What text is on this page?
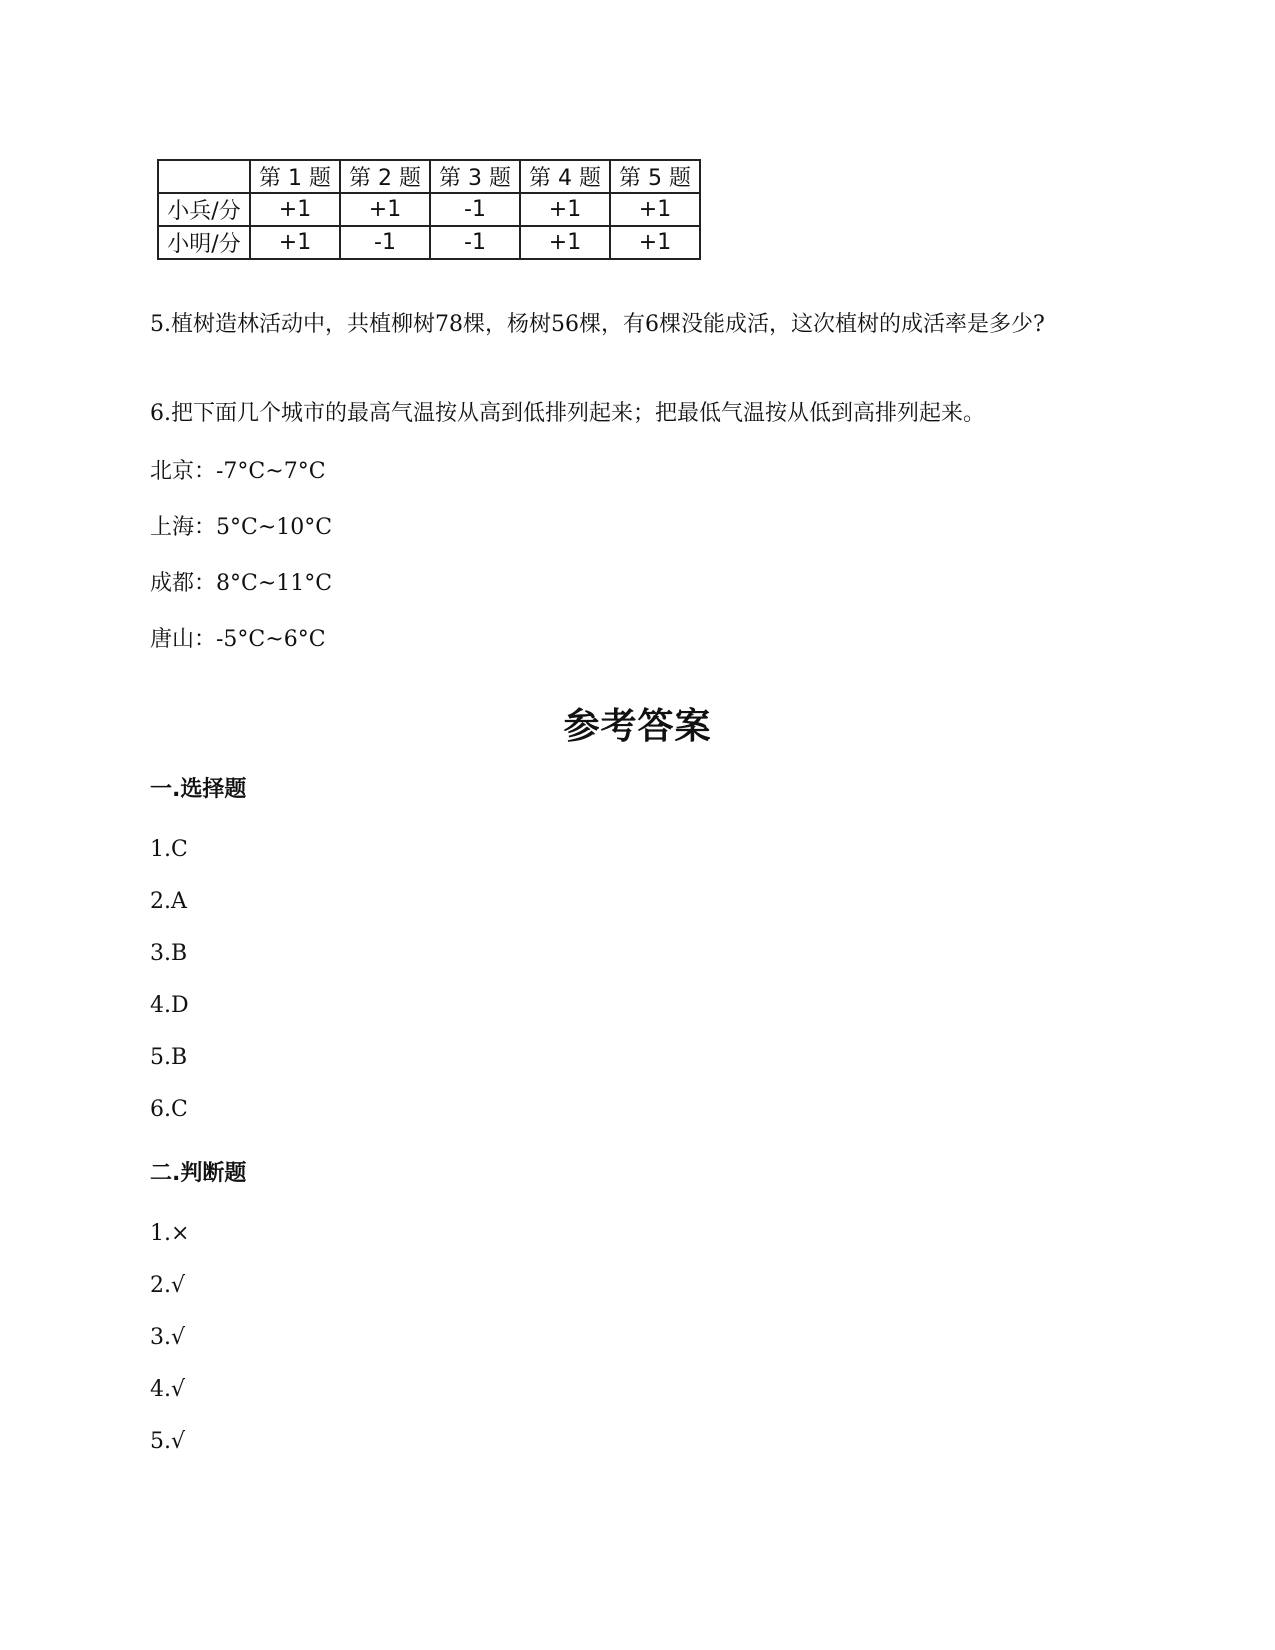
	第 1 题	第 2 题	第 3 题	第 4 题	第 5 题
小兵/分	+1	+1	-1	+1	+1
小明/分	+1	-1	-1	+1	+1
5.植树造林活动中，共植柳树78棵，杨树56棵，有6棵没能成活，这次植树的成活率是多少?
6.把下面几个城市的最高气温按从高到低排列起来；把最低气温按从低到高排列起来。
北京：-7°C~7°C
上海：5°C~10°C
成都：8°C~11°C
唐山：-5°C~6°C
参考答案
一.选择题
1.C
2.A
3.B
4.D
5.B
6.C
二.判断题
1.×
2.√
3.√
4.√
5.√
